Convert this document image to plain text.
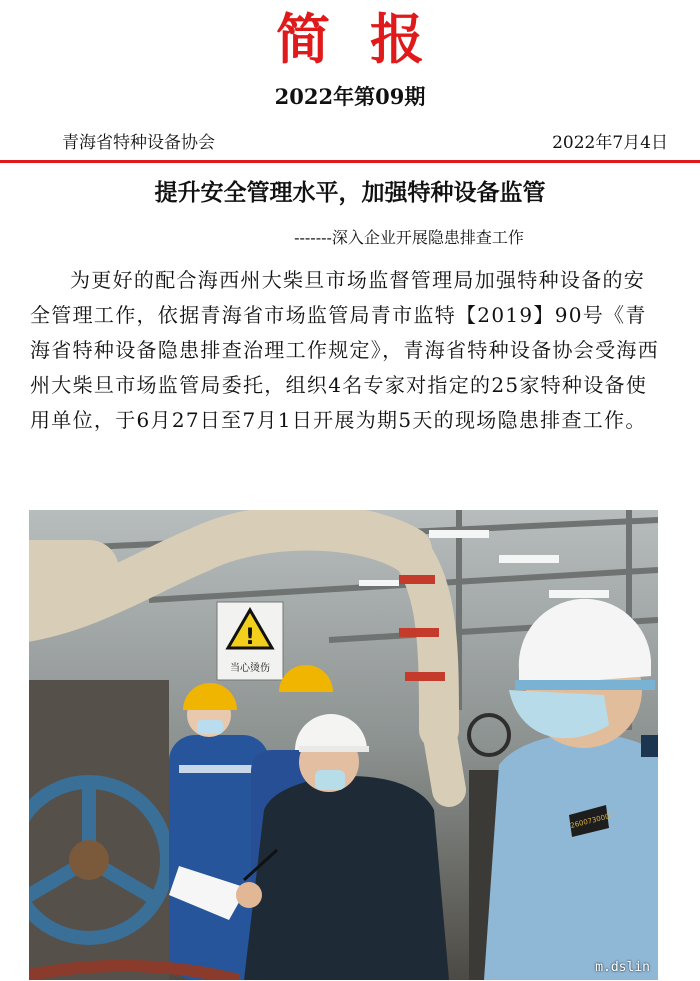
简报
2022年第09期
青海省特种设备协会	2022年7月4日
提升安全管理水平，加强特种设备监管
-------深入企业开展隐患排查工作

为更好的配合海西州大柴旦市场监督管理局加强特种设备的安全管理工作，依据青海省市场监管局青市监特【2019】90号《青海省特种设备隐患排查治理工作规定》，青海省特种设备协会受海西州大柴旦市场监管局委托，组织4名专家对指定的25家特种设备使用单位，于6月27日至7月1日开展为期5天的现场隐患排查工作。

!
当心烫伤
2600730007
m.dslin
